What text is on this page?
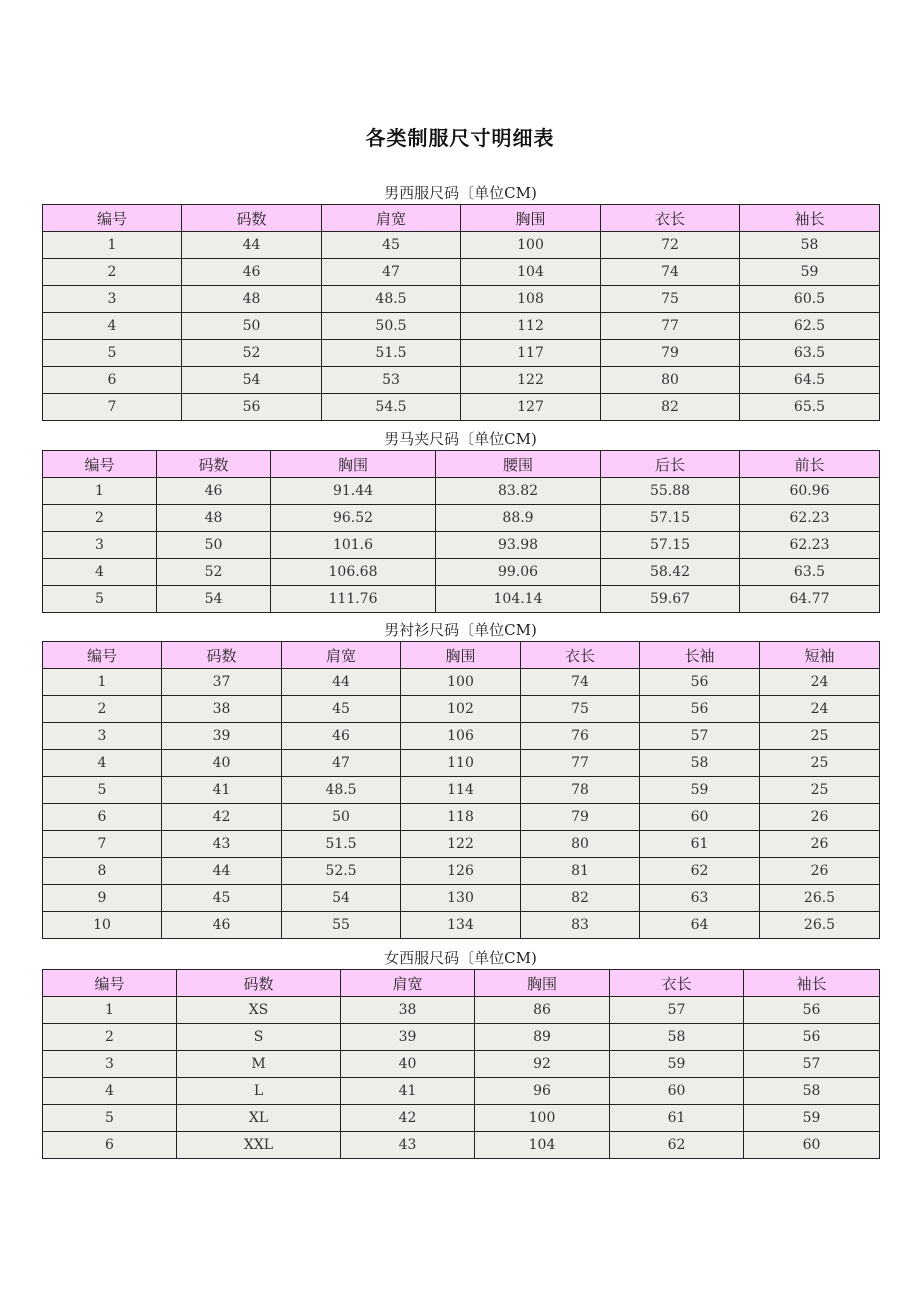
各类制服尺寸明细表
男西服尺码〔单位CM)
编号	码数	肩宽	胸围	衣长	袖长
1	44	45	100	72	58
2	46	47	104	74	59
3	48	48.5	108	75	60.5
4	50	50.5	112	77	62.5
5	52	51.5	117	79	63.5
6	54	53	122	80	64.5
7	56	54.5	127	82	65.5
男马夹尺码〔单位CM)
编号	码数	胸围	腰围	后长	前长
1	46	91.44	83.82	55.88	60.96
2	48	96.52	88.9	57.15	62.23
3	50	101.6	93.98	57.15	62.23
4	52	106.68	99.06	58.42	63.5
5	54	111.76	104.14	59.67	64.77
男衬衫尺码〔单位CM)
编号	码数	肩宽	胸围	衣长	长袖	短袖
1	37	44	100	74	56	24
2	38	45	102	75	56	24
3	39	46	106	76	57	25
4	40	47	110	77	58	25
5	41	48.5	114	78	59	25
6	42	50	118	79	60	26
7	43	51.5	122	80	61	26
8	44	52.5	126	81	62	26
9	45	54	130	82	63	26.5
10	46	55	134	83	64	26.5
女西服尺码〔单位CM)
编号	码数	肩宽	胸围	衣长	袖长
1	XS	38	86	57	56
2	S	39	89	58	56
3	M	40	92	59	57
4	L	41	96	60	58
5	XL	42	100	61	59
6	XXL	43	104	62	60
